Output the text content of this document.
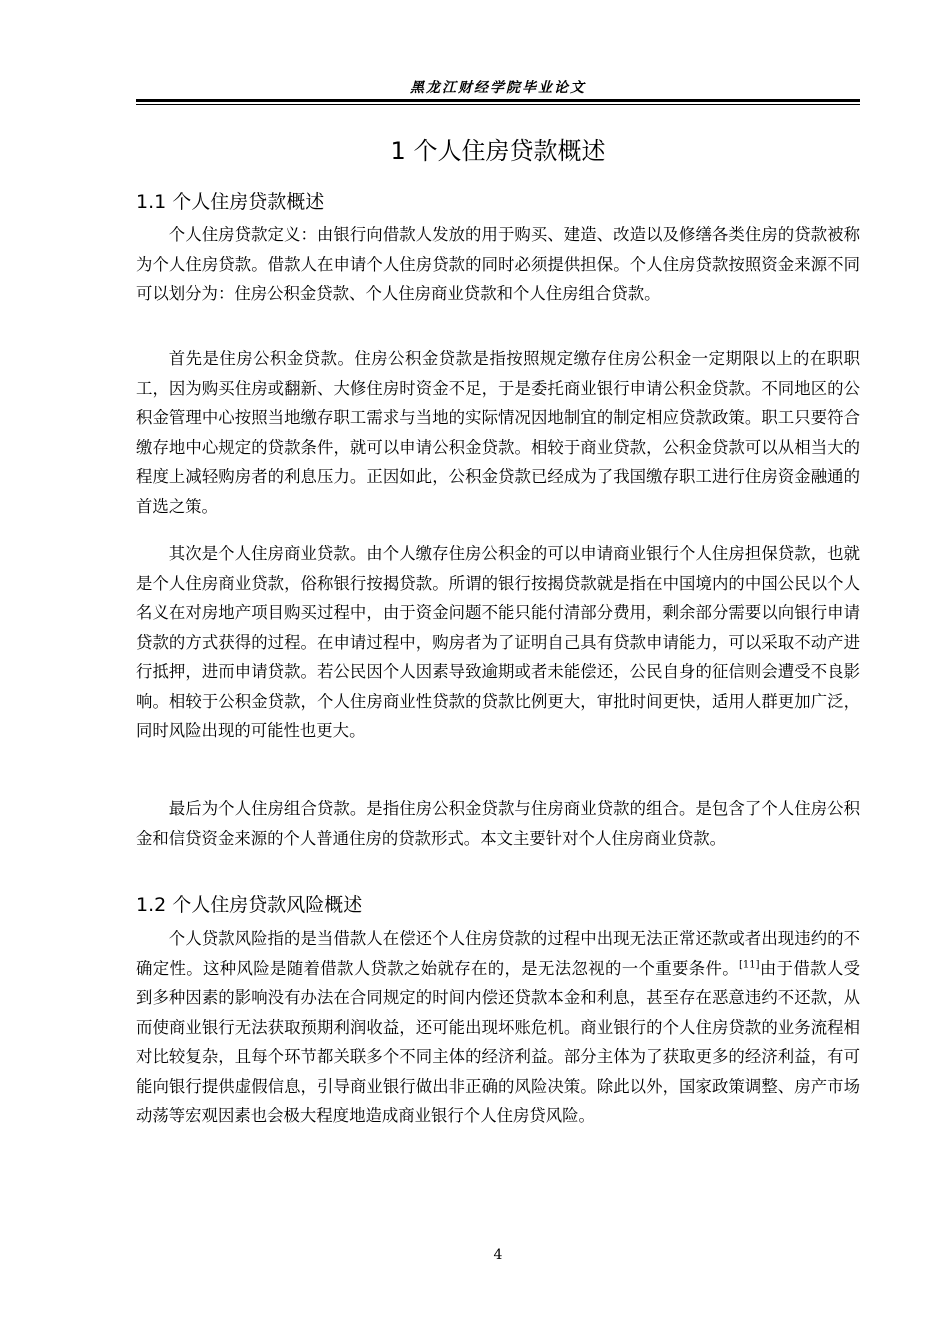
黑龙江财经学院毕业论文
1 个人住房贷款概述
1.1 个人住房贷款概述

个人住房贷款定义：由银行向借款人发放的用于购买、建造、改造以及修缮各类住房的贷款被称为个人住房贷款。借款人在申请个人住房贷款的同时必须提供担保。个人住房贷款按照资金来源不同可以划分为：住房公积金贷款、个人住房商业贷款和个人住房组合贷款。

首先是住房公积金贷款。住房公积金贷款是指按照规定缴存住房公积金一定期限以上的在职职工，因为购买住房或翻新、大修住房时资金不足，于是委托商业银行申请公积金贷款。不同地区的公积金管理中心按照当地缴存职工需求与当地的实际情况因地制宜的制定相应贷款政策。职工只要符合缴存地中心规定的贷款条件，就可以申请公积金贷款。相较于商业贷款，公积金贷款可以从相当大的程度上减轻购房者的利息压力。正因如此，公积金贷款已经成为了我国缴存职工进行住房资金融通的首选之策。

其次是个人住房商业贷款。由个人缴存住房公积金的可以申请商业银行个人住房担保贷款，也就是个人住房商业贷款，俗称银行按揭贷款。所谓的银行按揭贷款就是指在中国境内的中国公民以个人名义在对房地产项目购买过程中，由于资金问题不能只能付清部分费用，剩余部分需要以向银行申请贷款的方式获得的过程。在申请过程中，购房者为了证明自己具有贷款申请能力，可以采取不动产进行抵押，进而申请贷款。若公民因个人因素导致逾期或者未能偿还，公民自身的征信则会遭受不良影响。相较于公积金贷款，个人住房商业性贷款的贷款比例更大，审批时间更快，适用人群更加广泛，同时风险出现的可能性也更大。

最后为个人住房组合贷款。是指住房公积金贷款与住房商业贷款的组合。是包含了个人住房公积金和信贷资金来源的个人普通住房的贷款形式。本文主要针对个人住房商业贷款。

1.2 个人住房贷款风险概述

个人贷款风险指的是当借款人在偿还个人住房贷款的过程中出现无法正常还款或者出现违约的不确定性。这种风险是随着借款人贷款之始就存在的，是无法忽视的一个重要条件。[11]由于借款人受到多种因素的影响没有办法在合同规定的时间内偿还贷款本金和利息，甚至存在恶意违约不还款，从而使商业银行无法获取预期利润收益，还可能出现坏账危机。商业银行的个人住房贷款的业务流程相对比较复杂，且每个环节都关联多个不同主体的经济利益。部分主体为了获取更多的经济利益，有可能向银行提供虚假信息，引导商业银行做出非正确的风险决策。除此以外，国家政策调整、房产市场动荡等宏观因素也会极大程度地造成商业银行个人住房贷风险。

4
